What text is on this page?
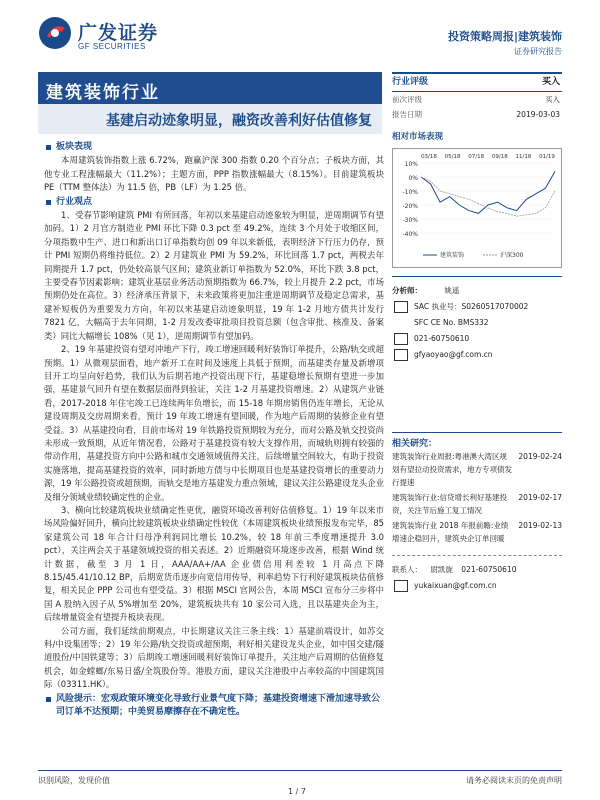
广发证券
GF SECURITIES
投资策略周报|建筑装饰
证券研究报告
建筑装饰行业
基建启动迹象明显，融资改善利好估值修复
板块表现
本周建筑装饰指数上涨 6.72%，跑赢沪深 300 指数 0.20 个百分点；子板块方面，其他专业工程涨幅最大（11.2%）；主题方面，PPP 指数涨幅最大（8.15%）。目前建筑板块 PE（TTM 整体法）为 11.5 倍，PB（LF）为 1.25 倍。
行业观点
1、受春节影响建筑 PMI 有所回落，年初以来基建启动迹象较为明显，逆周期调节有望加码。1）2 月官方制造业 PMI 环比下降 0.3 pct 至 49.2%，连续 3 个月处于收缩区间，分项指数中生产、进口和新出口订单指数均创 09 年以来新低，表明经济下行压力仍存，预计 PMI 短期仍将维持低位。2）2 月建筑业 PMI 为 59.2%，环比回落 1.7 pct，两税去年同期提升 1.7 pct，仍处较高景气区间；建筑业新订单指数为 52.0%，环比下跌 3.8 pct，主要受春节因素影响；建筑业基层业务活动预期指数为 66.7%，较上月提升 2.2 pct，市场预期仍处在高位。3）经济承压背景下，未来政策将更加注重逆周期调节及稳定总需求，基建补短板仍为重要发力方向，年初以来基建启动迹象明显，19 年 1-2 月地方债共计发行 7821 亿，大幅高于去年同期，1-2 月发改委审批项目投资总额（包含审批、核准及、备案类）同比大幅增长 108%（见 1），逆周期调节有望加码。
2、19 年基建投资有望对冲地产下行，竣工增速回暖利好装饰订单提升，公路/轨交或超预期。1）从微观层面看，地产新开工在时间及速度上具低于预期，而基建类存量及新增项目开工均呈向好趋势，我们认为后期若地产投资出现下行，基建稳增长预期有望进一步加强，基建景气回升有望在数据层面得到验证，关注 1-2 月基建投资增速。2）从建筑产业链看，2017-2018 年住宅竣工已连续两年负增长，而 15-18 年期房销售仍连年增长，无论从建设周期及交房周期来看，预计 19 年竣工增速有望回暖，作为地产后周期的装修企业有望受益。3）从基建投向看，目前市场对 19 年铁路投资预期较为充分，而对公路及轨交投资尚未形成一致预期，从近年情况看，公路对于基建投资有较大支撑作用，而城轨则拥有较强的带动作用，基建投资方向中公路和城市交通领域值得关注，后续增量空间较大，有助于投资实施落地，提高基建投资的效率，同时新地方债与中长期项目也是基建投资增长的重要动力源，19 年公路投资或超预期，而轨交是地方基建发力重点领域，建议关注公路建设龙头企业及细分领域业绩较确定性的企业。
3、横向比较建筑板块业绩确定性更优，融资环境改善利好估值修复。1）19 年以来市场风险偏好回升，横向比较建筑板块业绩确定性较优（本周建筑板块业绩预报发布完毕，85 家建筑公司 18 年合计归母净利润同比增长 10.2%，较 18 年前三季度增速提升 3.0 pct），关注两会关于基建领域投资的相关表述。2）近期融资环境逐步改善，根据 Wind 统计数据，截至 3 月 1 日，AAA/AA+/AA 企业债信用利差较 1 月高点下降 8.15/45.41/10.12 BP，后期宽货币逐步向宽信用传导，利率趋势下行利好建筑板块估值修复，相关民企 PPP 公司也有望受益。3）根据 MSCI 官网公告，本周 MSCI 宣布分三步将中国 A 股纳入因子从 5%增加至 20%，建筑板块共有 10 家公司入选，且以基建央企为主，后续增量资金有望提升板块表现。
公司方面，我们延续前期观点，中长期建议关注三条主线：1）基建前端设计，如苏交科/中设集团等；2）19 年公路/轨交投资或超预期，利好相关建设龙头企业，如中国交建/隧道股份/中国铁建等；3）后期竣工增速回暖利好装饰订单提升，关注地产后周期的估值修复机会，如金螳螂/东易日盛/全筑股份等。港股方面，建议关注港股中占率较高的中国建筑国际（03311.HK）。
风险提示：宏观政策环境变化导致行业景气度下降；基建投资增速下滑加速导致公司订单不达预期；中美贸易摩擦存在不确定性。
行业评级	买入
前次评级	买入
报告日期	2019-03-03
相对市场表现
10%
0%
-10%
-20%
-30%
-40%
03/18 05/18 07/18 09/18 11/18 01/19
建筑装饰	沪深300
分析师：	姚遥
SAC 执业号：S0260517070002
SFC CE No. BMS332
021-60750610
gfyaoyao@gf.com.cn
相关研究：
建筑装饰行业周报:粤港澳大湾区规划有望拉动投资需求，地方专项债发行提速
2019-02-24
建筑装饰行业:信贷增长利好基建投资，关注节后施工复工情况
2019-02-17
建筑装饰行业 2018 年报前瞻:业绩增速企稳回升，建筑央企订单回暖
2019-02-13
联系人： 尉凯旋 021-60750610
yukaixuan@gf.com.cn
识别风险，发现价值	请务必阅读末页的免责声明
1 / 7
